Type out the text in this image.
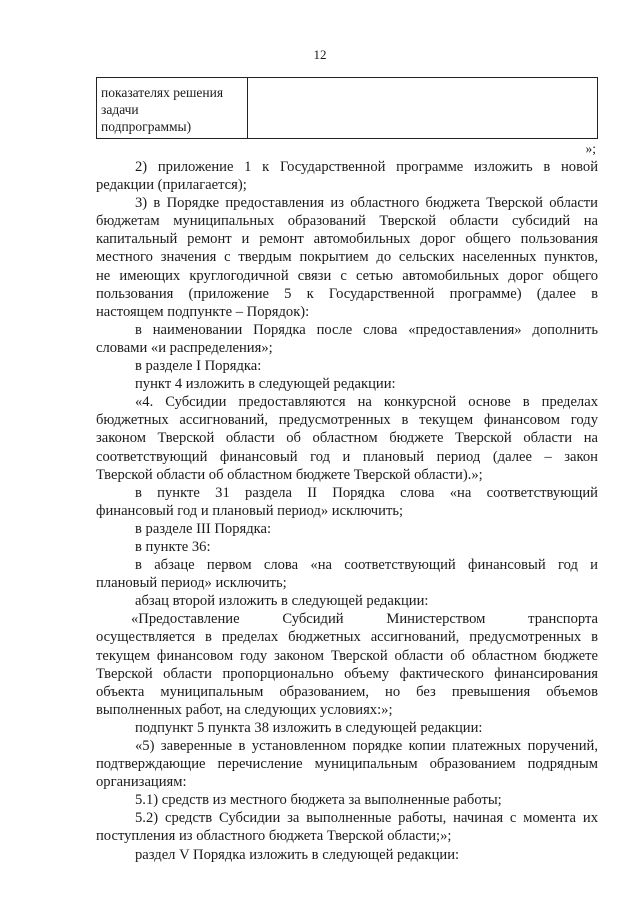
12
показателях решения
задачи
подпрограммы)
»;

2) приложение 1 к Государственной программе изложить в новой
редакции (прилагается);

3) в Порядке предоставления из областного бюджета Тверской области
бюджетам муниципальных образований Тверской области субсидий на
капитальный ремонт и ремонт автомобильных дорог общего пользования
местного значения с твердым покрытием до сельских населенных пунктов,
не имеющих круглогодичной связи с сетью автомобильных дорог общего
пользования (приложение 5 к Государственной программе) (далее в
настоящем подпункте – Порядок):

в наименовании Порядка после слова «предоставления» дополнить
словами «и распределения»;

в разделе I Порядка:

пункт 4 изложить в следующей редакции:

«4. Субсидии предоставляются на конкурсной основе в пределах
бюджетных ассигнований, предусмотренных в текущем финансовом году
законом Тверской области об областном бюджете Тверской области на
соответствующий финансовый год и плановый период (далее – закон
Тверской области об областном бюджете Тверской области).»;

в пункте 31 раздела II Порядка слова «на соответствующий
финансовый год и плановый период» исключить;

в разделе III Порядка:

в пункте 36:

в абзаце первом слова «на соответствующий финансовый год и
плановый период» исключить;

абзац второй изложить в следующей редакции:

«Предоставление Субсидий Министерством транспорта
осуществляется в пределах бюджетных ассигнований, предусмотренных в
текущем финансовом году законом Тверской области об областном бюджете
Тверской области пропорционально объему фактического финансирования
объекта муниципальным образованием, но без превышения объемов
выполненных работ, на следующих условиях:»;

подпункт 5 пункта 38 изложить в следующей редакции:

«5) заверенные в установленном порядке копии платежных поручений,
подтверждающие перечисление муниципальным образованием подрядным
организациям:

5.1) средств из местного бюджета за выполненные работы;

5.2) средств Субсидии за выполненные работы, начиная с момента их
поступления из областного бюджета Тверской области;»;

раздел V Порядка изложить в следующей редакции:
